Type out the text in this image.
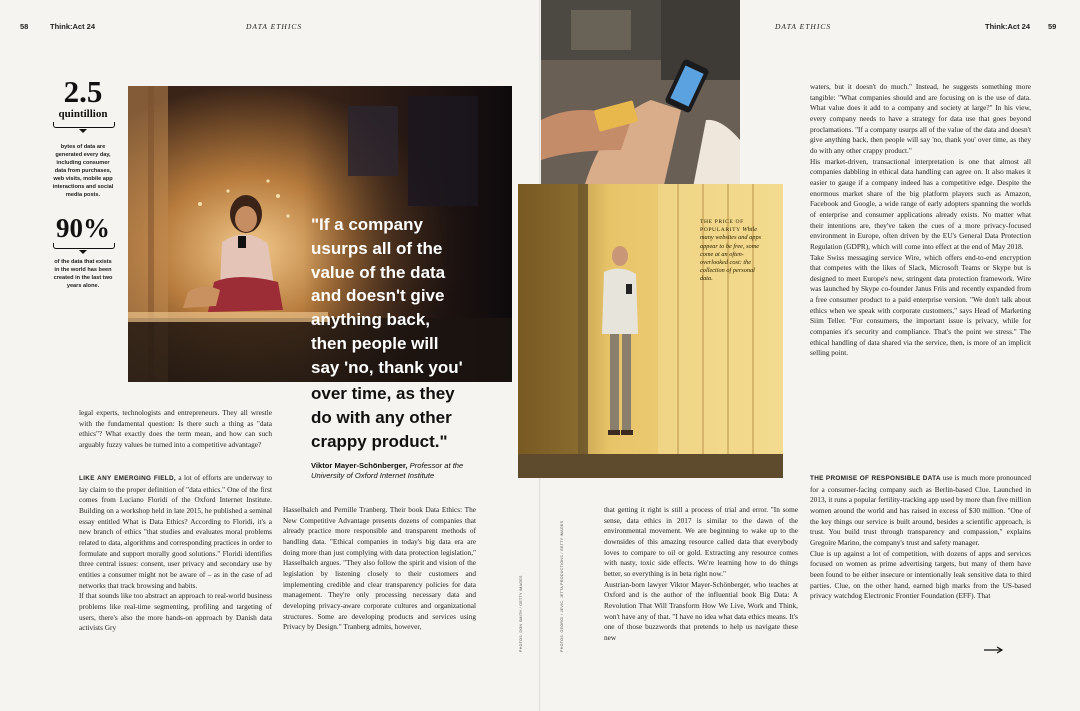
58	Think:Act 24	DATA ETHICS	DATA ETHICS	Think:Act 24 59
2.5
quintillion
bytes of data are
generated every day,
including consumer
data from purchases,
web visits, mobile app
interactions and social
media posts.
90%
of the data that exists
in the world has been
created in the last two
years alone.
"If a company
usurps all of the
value of the data
and doesn't give
anything back,
then people will
say 'no, thank you'
over time, as they
do with any other
crappy product."
Viktor Mayer-Schönberger, Professor at the
University of Oxford Internet Institute
legal experts, technologists and entrepreneurs. They all wrestle with the fundamental question: Is there such a thing as "data ethics"? What exactly does the term mean, and how can such arguably fuzzy values be turned into a competitive advantage?
LIKE ANY EMERGING FIELD, a lot of efforts are underway to lay claim to the proper definition of "data ethics." One of the first comes from Luciano Floridi of the Oxford Internet Institute. Building on a workshop held in late 2015, he published a seminal essay entitled What is Data Ethics? According to Floridi, it's a new branch of ethics "that studies and evaluates moral problems related to data, algorithms and corresponding practices in order to formulate and support morally good solutions." Floridi identifies three central issues: consent, user privacy and secondary use by entities a consumer might not be aware of – as in the case of ad networks that track browsing and habits.
If that sounds like too abstract an approach to real-world business problems like real-time segmenting, profiling and targeting of users, there's also the more hands-on approach by Danish data activists Gry
Hasselbalch and Pernille Tranberg. Their book Data Ethics: The New Competitive Advantage presents dozens of companies that already practice more responsible and transparent methods of handling data. "Ethical companies in today's big data era are doing more than just complying with data protection legislation," Hasselbalch argues. "They also follow the spirit and vision of the legislation by listening closely to their customers and implementing credible and clear transparency policies for data management. They're only processing necessary data and developing privacy-aware corporate cultures and organizational structures. Some are developing products and services using Privacy by Design." Tranberg admits, however,	PHOTOS: DON SMITH / GETTY IMAGES	PHOTOS: GEORGI / JEVIC, JETTA PRODUCTIONS / GETTY IMAGES
THE PRICE OF POPULARITY While many websites and apps appear to be free, some come at an often-overlooked cost: the collection of personal data.
waters, but it doesn't do much." Instead, he suggests something more tangible: "What companies should and are focusing on is the use of data. What value does it add to a company and society at large?" In his view, every company needs to have a strategy for data use that goes beyond proclamations. "If a company usurps all of the value of the data and doesn't give anything back, then people will say 'no, thank you' over time, as they do with any other crappy product."
His market-driven, transactional interpretation is one that almost all companies dabbling in ethical data handling can agree on. It also makes it easier to gauge if a company indeed has a competitive edge. Despite the enormous market share of the big platform players such as Amazon, Facebook and Google, a wide range of early adopters spanning the worlds of enterprise and consumer applications already exists. No matter what their intentions are, they've taken the cues of a more privacy-focused environment in Europe, often driven by the EU's General Data Protection Regulation (GDPR), which will come into effect at the end of May 2018.
Take Swiss messaging service Wire, which offers end-to-end encryption that competes with the likes of Slack, Microsoft Teams or Skype but is designed to meet Europe's new, stringent data protection framework. Wire was launched by Skype co-founder Janus Friis and recently expanded from a free consumer product to a paid enterprise version. "We don't talk about ethics when we speak with corporate customers," says Head of Marketing Siim Teller. "For consumers, the important issue is privacy, while for companies it's security and compliance. That's the point we stress." The ethical handling of data shared via the service, then, is more of an implicit selling point.
that getting it right is still a process of trial and error. "In some sense, data ethics in 2017 is similar to the dawn of the environmental movement. We are beginning to wake up to the downsides of this amazing resource called data that everybody loves to compare to oil or gold. Extracting any resource comes with nasty, toxic side effects. We're learning how to do things better, so everything is in beta right now."
Austrian-born lawyer Viktor Mayer-Schönberger, who teaches at Oxford and is the author of the influential book Big Data: A Revolution That Will Transform How We Live, Work and Think, won't have any of that. "I have no idea what data ethics means. It's one of those buzzwords that pretends to help us navigate these new
THE PROMISE OF RESPONSIBLE DATA use is much more pronounced for a consumer-facing company such as Berlin-based Clue. Launched in 2013, it runs a popular fertility-tracking app used by more than five million women around the world and has raised in excess of $30 million. "One of the key things our service is built around, besides a scientific approach, is trust. You build trust through transparency and compassion," explains Gregoire Marino, the company's trust and safety manager.
Clue is up against a lot of competition, with dozens of apps and services focused on women as prime advertising targets, but many of them have been found to be either insecure or intentionally leak sensitive data to third parties. Clue, on the other hand, earned high marks from the US-based privacy watchdog Electronic Frontier Foundation (EFF). That
